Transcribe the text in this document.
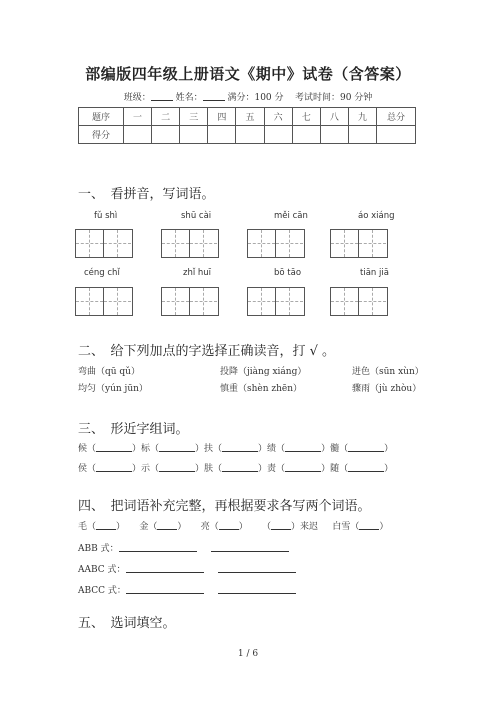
部编版四年级上册语文《期中》试卷（含答案）
班级：	姓名：	满分：100 分 考试时间：90 分钟
题序	一	二	三	四	五	六	七	八	九	总分
得分										
一、　看拼音，写词语。
fǔ shì	shū cài	měi cān	áo xiáng
céng chǐ	zhǐ huī	bō tāo	tiān jiā
二、　给下列加点的字选择正确读音，打 √ 。
弯曲（qū qǔ）	投降（jiàng xiáng）	迸色（sūn xùn）
均匀（yún jūn）	慎重（shèn zhēn）	骤雨（jù zhòu）
三、　形近字组词。
候（	）标（	）扶（	）绩（	）髓（	）
侯（	）示（	）肤（	）责（	）随（	）
四、　把词语补充完整，再根据要求各写两个词语。
毛（ ） 金（ ） 亮（ ） （ ）来迟 白雪（ ）
ABB 式：
AABC 式：
ABCC 式：
五、　选词填空。
1 / 6
